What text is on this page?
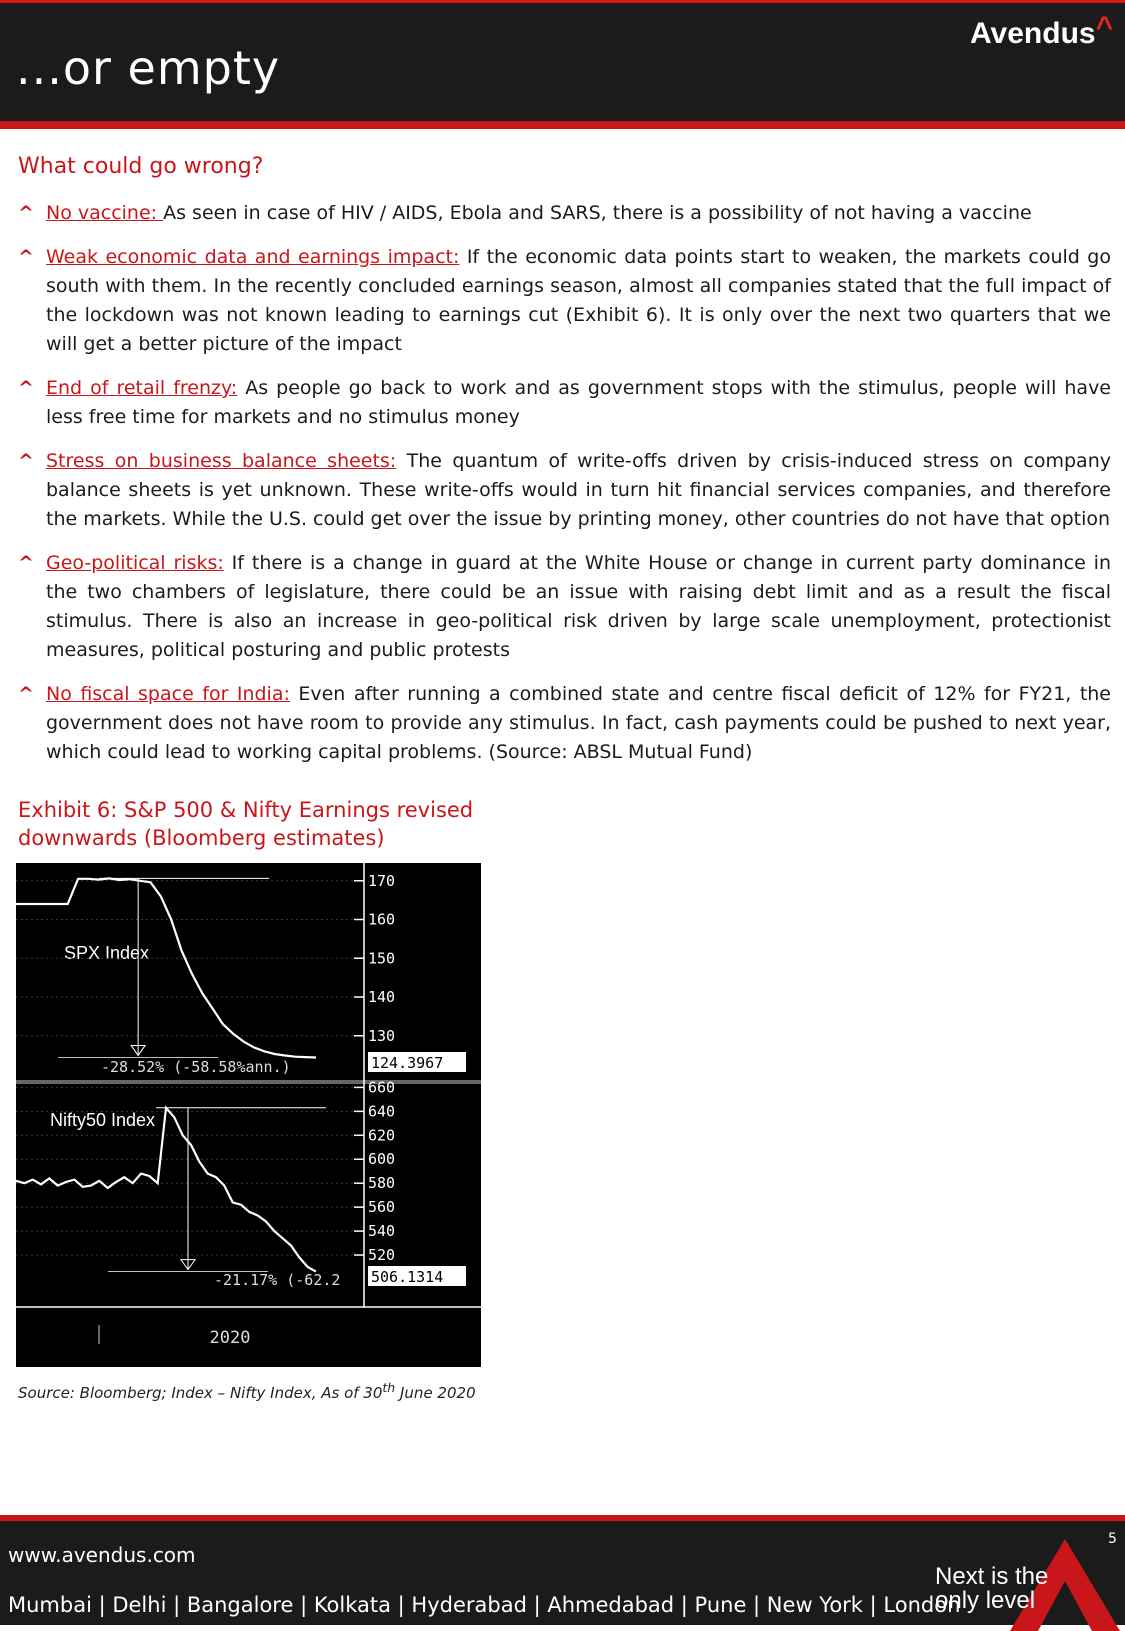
...or empty
Avendus^
What could go wrong?
^ No vaccine: As seen in case of HIV / AIDS, Ebola and SARS, there is a possibility of not having a vaccine
^ Weak economic data and earnings impact: If the economic data points start to weaken, the markets could go south with them. In the recently concluded earnings season, almost all companies stated that the full impact of the lockdown was not known leading to earnings cut (Exhibit 6). It is only over the next two quarters that we will get a better picture of the impact
^ End of retail frenzy: As people go back to work and as government stops with the stimulus, people will have less free time for markets and no stimulus money
^ Stress on business balance sheets: The quantum of write-offs driven by crisis-induced stress on company balance sheets is yet unknown. These write-offs would in turn hit financial services companies, and therefore the markets. While the U.S. could get over the issue by printing money, other countries do not have that option
^ Geo-political risks: If there is a change in guard at the White House or change in current party dominance in the two chambers of legislature, there could be an issue with raising debt limit and as a result the fiscal stimulus. There is also an increase in geo-political risk driven by large scale unemployment, protectionist measures, political posturing and public protests
^ No fiscal space for India: Even after running a combined state and centre fiscal deficit of 12% for FY21, the government does not have room to provide any stimulus. In fact, cash payments could be pushed to next year, which could lead to working capital problems. (Source: ABSL Mutual Fund)
Exhibit 6: S&P 500 & Nifty Earnings revised downwards (Bloomberg estimates)
2020
SPX Index
-28.52% (-58.58%ann.)	124.3967
170
160
150
140
130
Nifty50 Index
-21.17% (-62.2 506.1314
660
640
620
600
580
560
540
520
Source: Bloomberg; Index – Nifty Index, As of 30th June 2020
www.avendus.com
Mumbai | Delhi | Bangalore | Kolkata | Hyderabad | Ahmedabad | Pune | New York | London
5
Next is the
only level
